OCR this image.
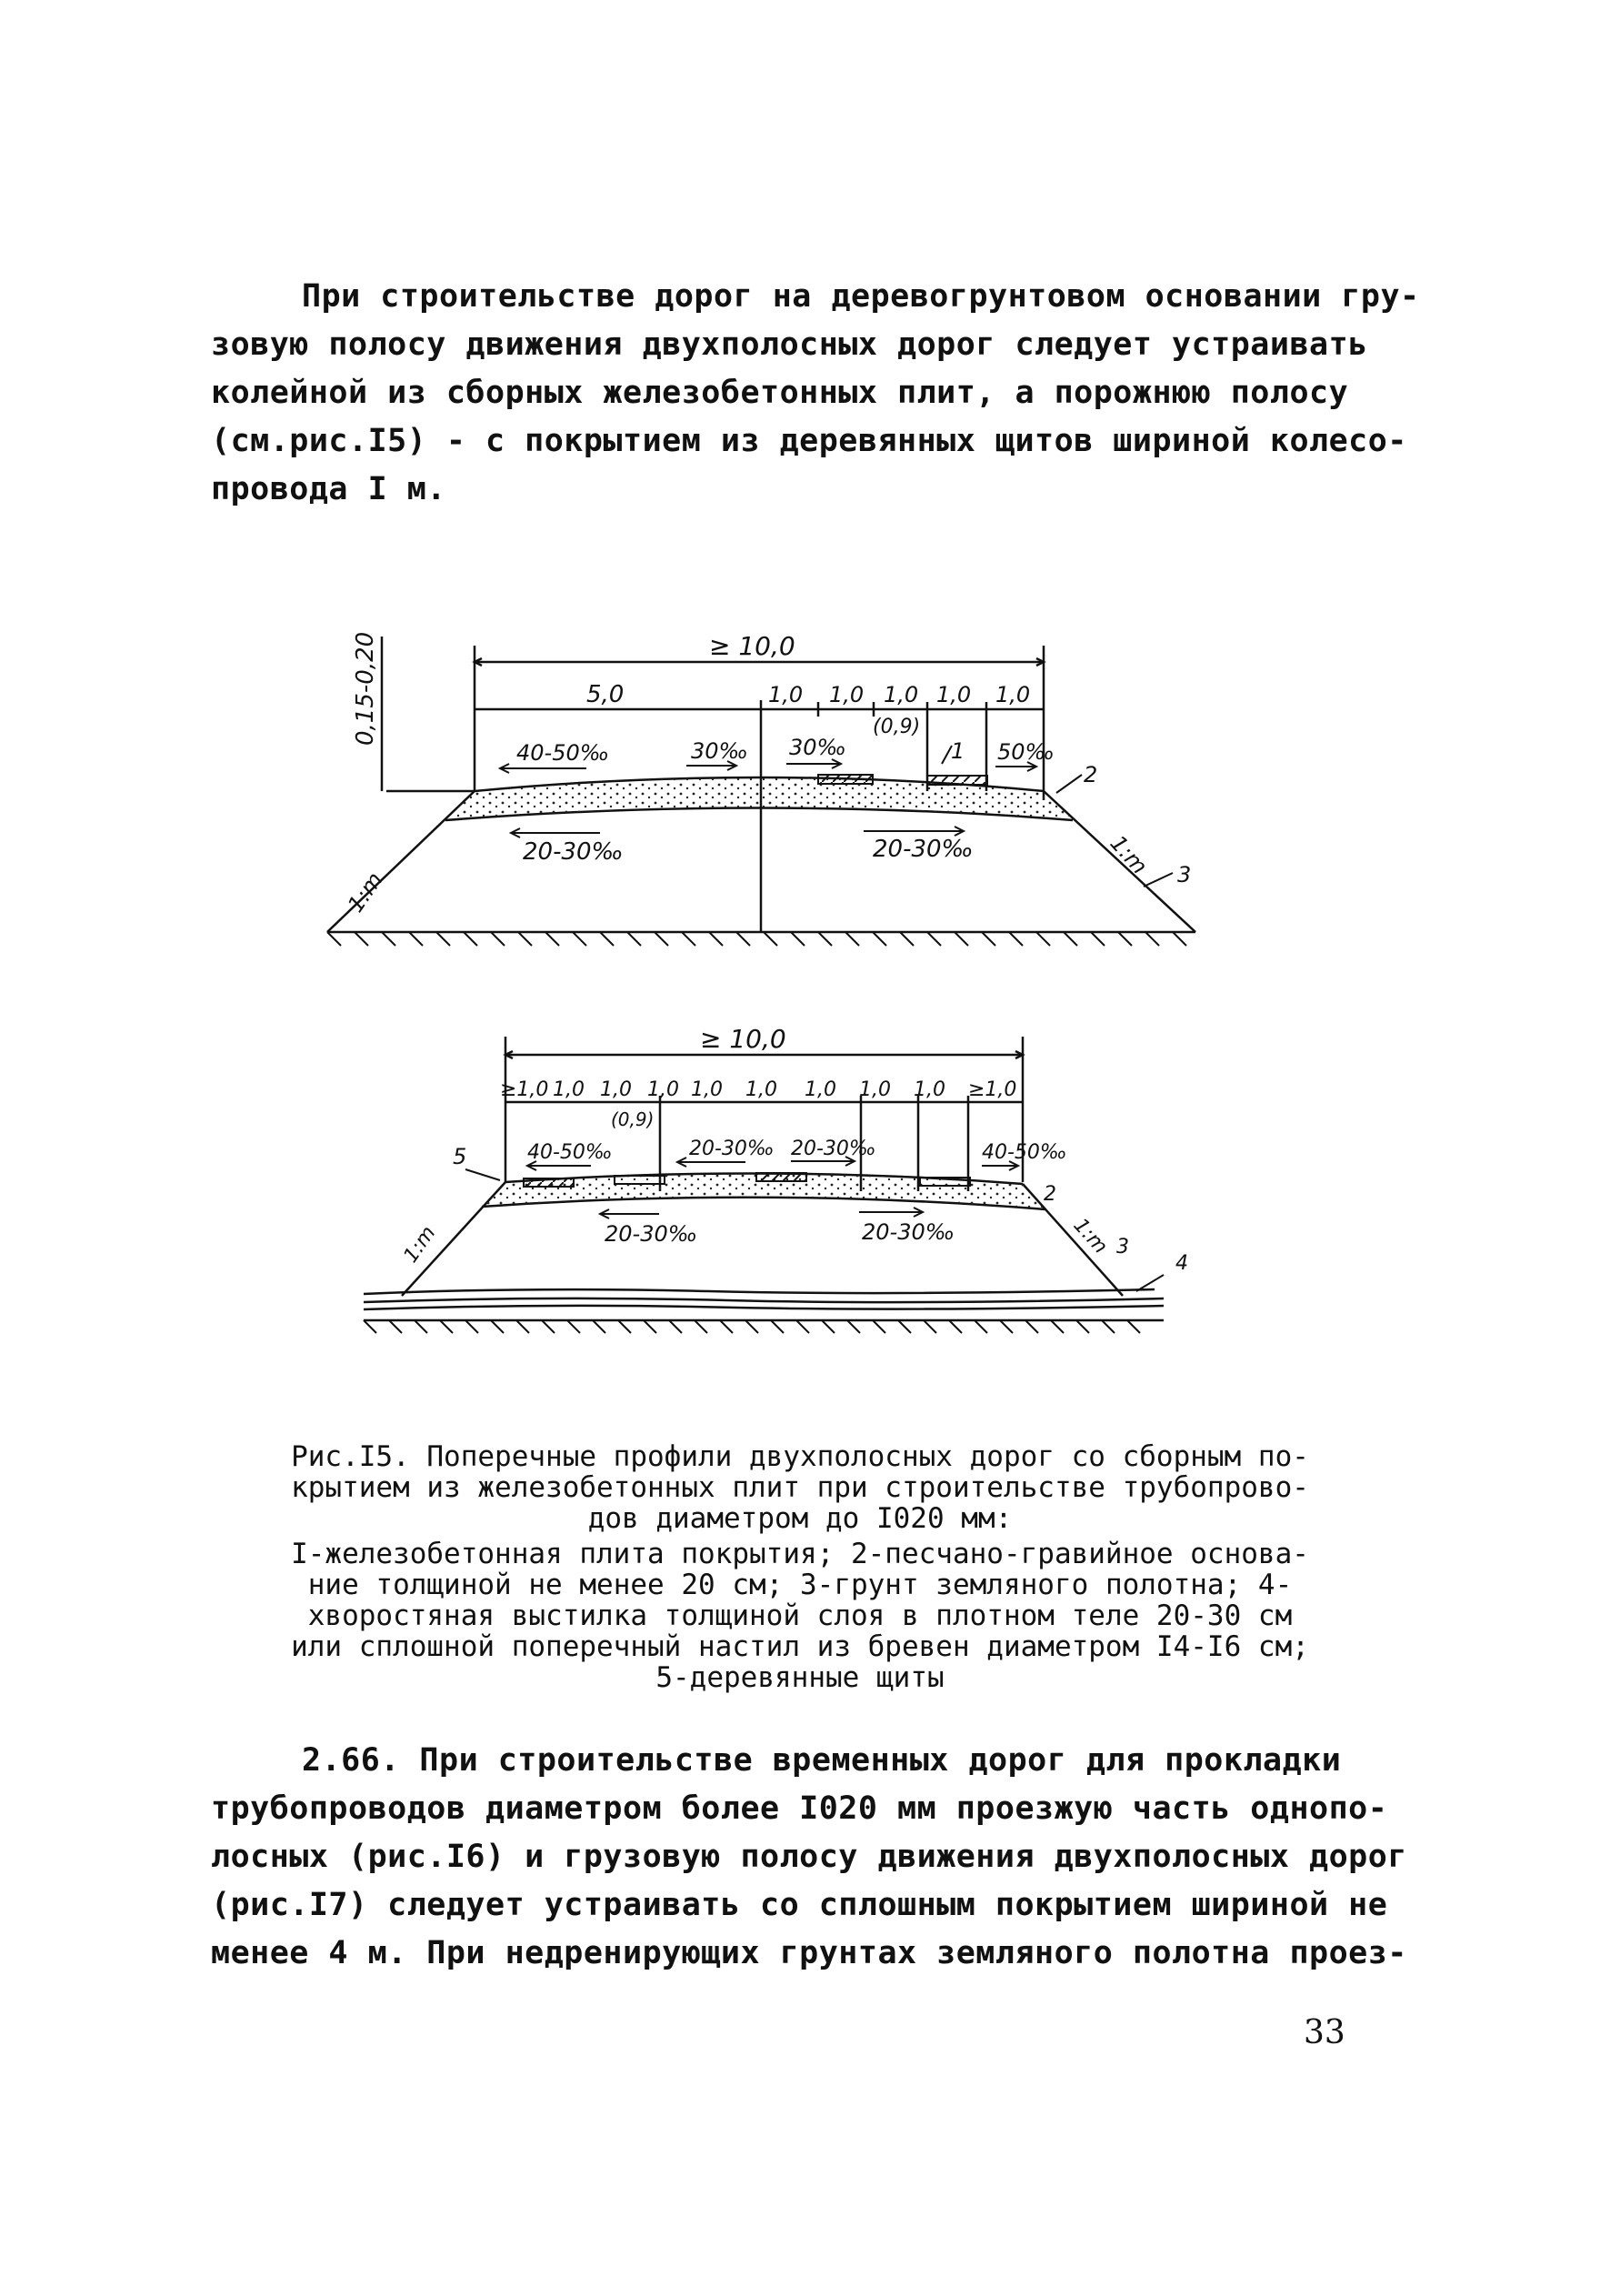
При строительстве дорог на деревогрунтовом основании гру-
зовую полосу движения двухполосных дорог следует устраивать
колейной из сборных железобетонных плит, а порожнюю полосу
(см.рис.I5) - с покрытием из деревянных щитов шириной колесо-
провода I м.
≥ 10,0
0,15-0,20	5,0	1,0 1,0 1,0 1,0 1,0
(0,9)
40-50‰	30‰ 30‰	50‰
20-30‰	20-30‰
1:m
1:m
1
2
3
≥ 10,0
≥1,0 1,0 1,0 1,0 1,0 1,0 1,0 1,0 1,0 ≥1,0
(0,9)
40-50‰	20-30‰ 20-30‰	40-50‰
20-30‰	20-30‰
1:m	1:m
2
3
4
5
Рис.I5. Поперечные профили двухполосных дорог со сборным по-
крытием из железобетонных плит при строительстве трубопрово-
дов диаметром до I020 мм:
I-железобетонная плита покрытия; 2-песчано-гравийное основа-
ние толщиной не менее 20 см; 3-грунт земляного полотна; 4-
хворостяная выстилка толщиной слоя в плотном теле 20-30 см
или сплошной поперечный настил из бревен диаметром I4-I6 см;
5-деревянные щиты
2.66. При строительстве временных дорог для прокладки
трубопроводов диаметром более I020 мм проезжую часть однопо-
лосных (рис.I6) и грузовую полосу движения двухполосных дорог
(рис.I7) следует устраивать со сплошным покрытием шириной не
менее 4 м. При недренирующих грунтах земляного полотна проез-
33
